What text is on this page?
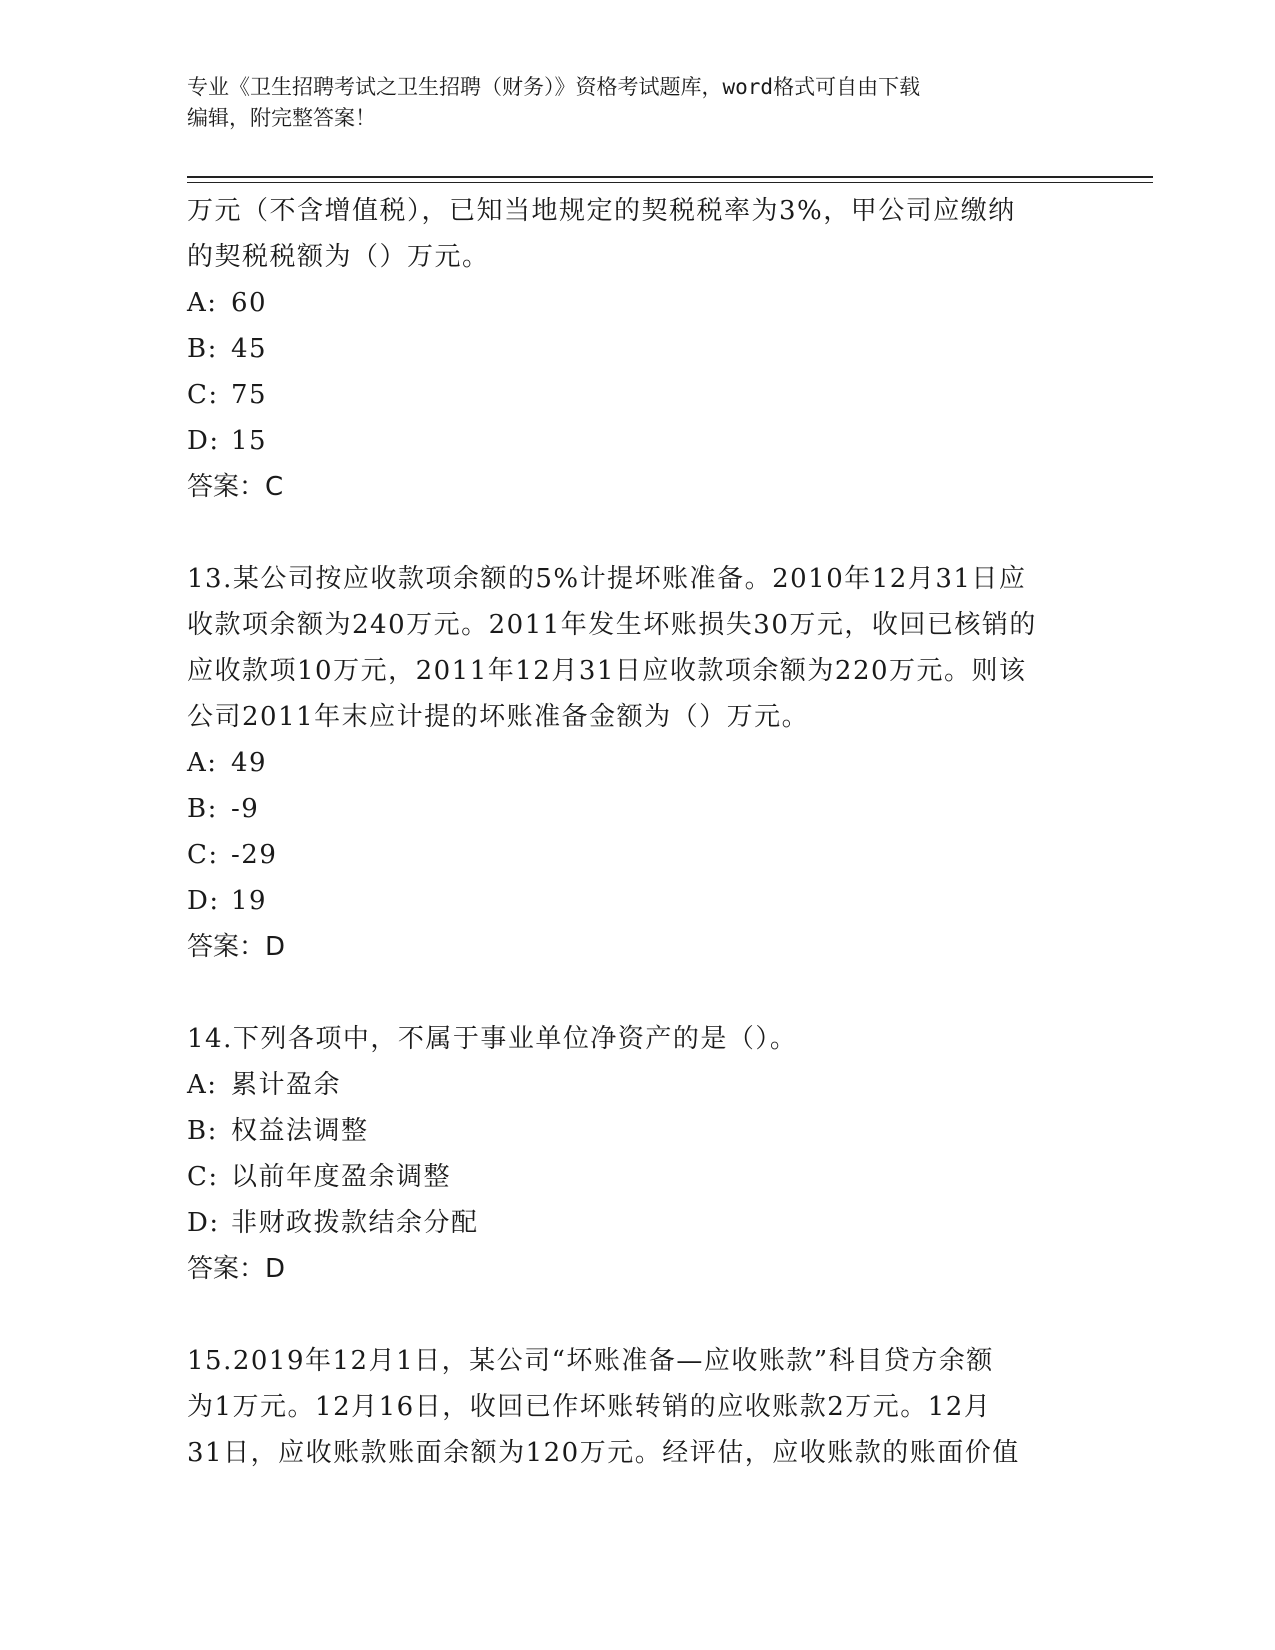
专业《卫生招聘考试之卫生招聘（财务）》资格考试题库，word格式可自由下载
编辑，附完整答案！
万元（不含增值税），已知当地规定的契税税率为3%，甲公司应缴纳
的契税税额为（）万元。
A: 60
B: 45
C: 75
D: 15
答案：C
13.某公司按应收款项余额的5%计提坏账准备。2010年12月31日应
收款项余额为240万元。2011年发生坏账损失30万元，收回已核销的
应收款项10万元，2011年12月31日应收款项余额为220万元。则该
公司2011年末应计提的坏账准备金额为（）万元。
A: 49
B: -9
C: -29
D: 19
答案：D
14.下列各项中，不属于事业单位净资产的是（）。
A: 累计盈余
B: 权益法调整
C: 以前年度盈余调整
D: 非财政拨款结余分配
答案：D
15.2019年12月1日，某公司“坏账准备—应收账款”科目贷方余额
为1万元。12月16日，收回已作坏账转销的应收账款2万元。12月
31日，应收账款账面余额为120万元。经评估，应收账款的账面价值
